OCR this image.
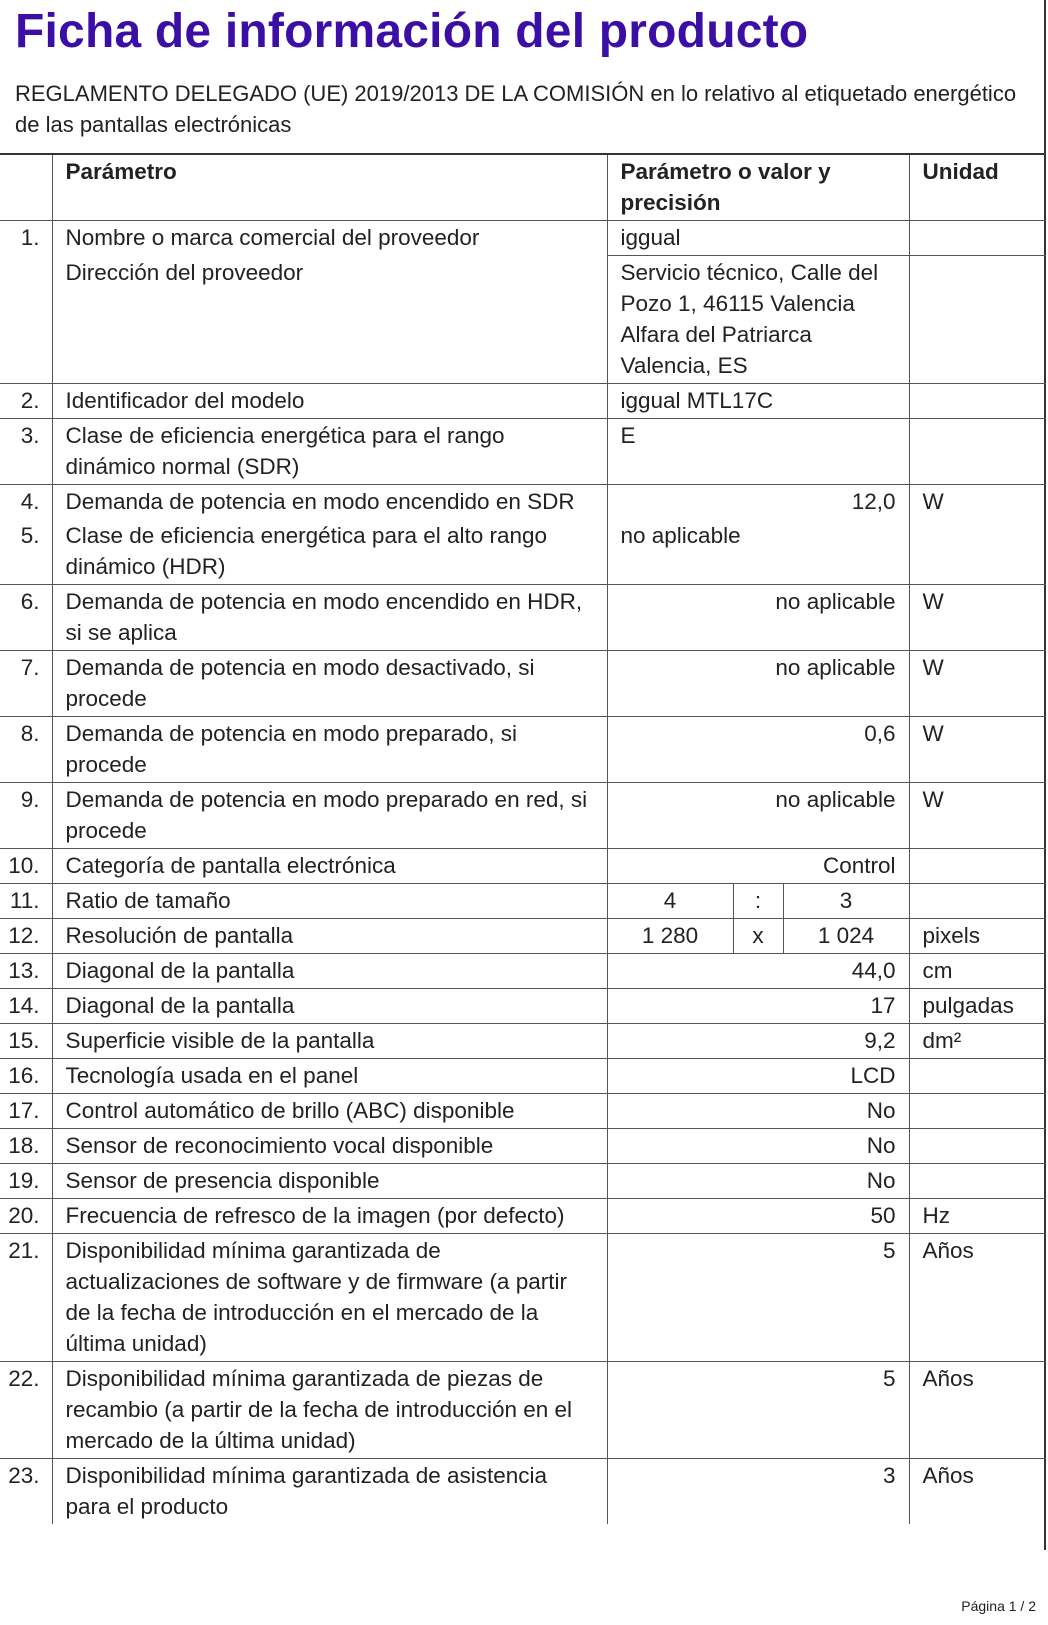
Ficha de información del producto

REGLAMENTO DELEGADO (UE) 2019/2013 DE LA COMISIÓN en lo relativo al etiquetado energético de las pantallas electrónicas

	Parámetro	Parámetro o valor y precisión			Unidad
1.	Nombre o marca comercial del proveedor	iggual			
	Dirección del proveedor	Servicio técnico, Calle del Pozo 1, 46115 Valencia Alfara del Patriarca Valencia, ES			
2.	Identificador del modelo	iggual MTL17C			
3.	Clase de eficiencia energética para el rango dinámico normal (SDR)	E			
4.	Demanda de potencia en modo encendido en SDR	12,0			W
5.	Clase de eficiencia energética para el alto rango dinámico (HDR)	no aplicable			
6.	Demanda de potencia en modo encendido en HDR, si se aplica	no aplicable			W
7.	Demanda de potencia en modo desactivado, si procede	no aplicable			W
8.	Demanda de potencia en modo preparado, si procede	0,6			W
9.	Demanda de potencia en modo preparado en red, si procede	no aplicable			W
10.	Categoría de pantalla electrónica	Control			
11.	Ratio de tamaño	4	:	3	
12.	Resolución de pantalla	1 280	x	1 024	pixels
13.	Diagonal de la pantalla	44,0			cm
14.	Diagonal de la pantalla	17			pulgadas
15.	Superficie visible de la pantalla	9,2			dm²
16.	Tecnología usada en el panel	LCD			
17.	Control automático de brillo (ABC) disponible	No			
18.	Sensor de reconocimiento vocal disponible	No			
19.	Sensor de presencia disponible	No			
20.	Frecuencia de refresco de la imagen (por defecto)	50			Hz
21.	Disponibilidad mínima garantizada de actualizaciones de software y de firmware (a partir de la fecha de introducción en el mercado de la última unidad)	5			Años
22.	Disponibilidad mínima garantizada de piezas de recambio (a partir de la fecha de introducción en el mercado de la última unidad)	5			Años
23.	Disponibilidad mínima garantizada de asistencia para el producto	3			Años
Página 1 / 2
